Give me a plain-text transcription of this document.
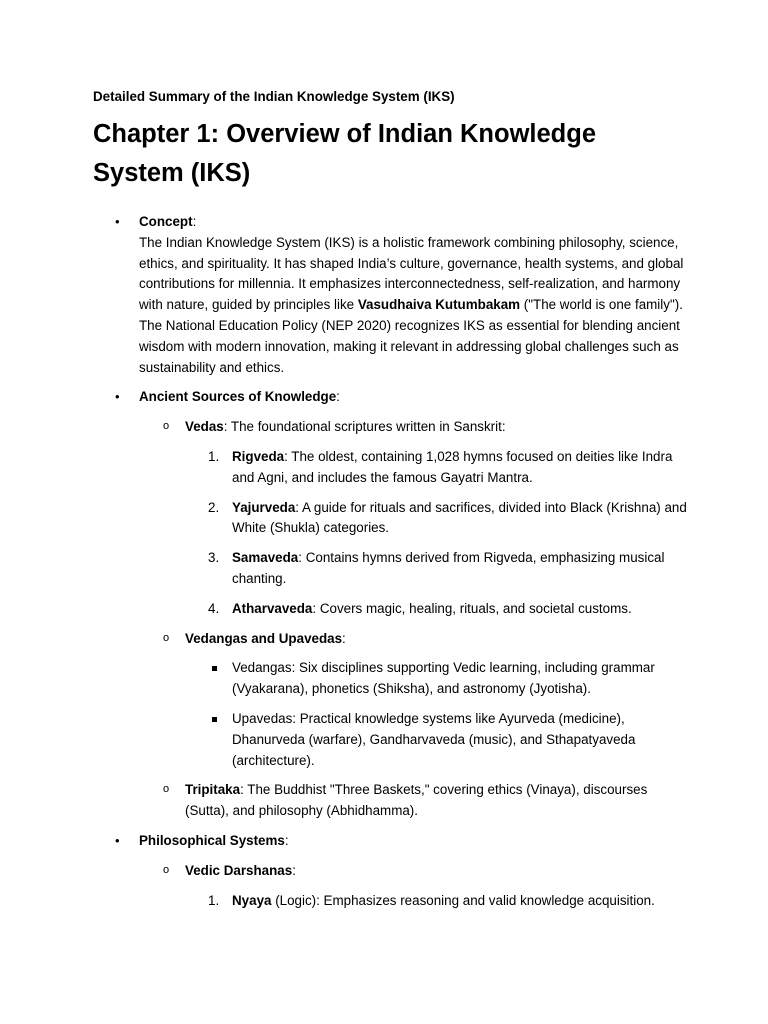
Detailed Summary of the Indian Knowledge System (IKS)
Chapter 1: Overview of Indian Knowledge System (IKS)
• Concept:
The Indian Knowledge System (IKS) is a holistic framework combining philosophy, science, ethics, and spirituality. It has shaped India’s culture, governance, health systems, and global contributions for millennia. It emphasizes interconnectedness, self-realization, and harmony with nature, guided by principles like Vasudhaiva Kutumbakam ("The world is one family").
The National Education Policy (NEP 2020) recognizes IKS as essential for blending ancient wisdom with modern innovation, making it relevant in addressing global challenges such as sustainability and ethics.
• Ancient Sources of Knowledge:
o Vedas: The foundational scriptures written in Sanskrit:
1. Rigveda: The oldest, containing 1,028 hymns focused on deities like Indra and Agni, and includes the famous Gayatri Mantra.
2. Yajurveda: A guide for rituals and sacrifices, divided into Black (Krishna) and White (Shukla) categories.
3. Samaveda: Contains hymns derived from Rigveda, emphasizing musical chanting.
4. Atharvaveda: Covers magic, healing, rituals, and societal customs.
o Vedangas and Upavedas:
Vedangas: Six disciplines supporting Vedic learning, including grammar (Vyakarana), phonetics (Shiksha), and astronomy (Jyotisha).
Upavedas: Practical knowledge systems like Ayurveda (medicine), Dhanurveda (warfare), Gandharvaveda (music), and Sthapatyaveda (architecture).
o Tripitaka: The Buddhist "Three Baskets," covering ethics (Vinaya), discourses (Sutta), and philosophy (Abhidhamma).
• Philosophical Systems:
o Vedic Darshanas:
1. Nyaya (Logic): Emphasizes reasoning and valid knowledge acquisition.
